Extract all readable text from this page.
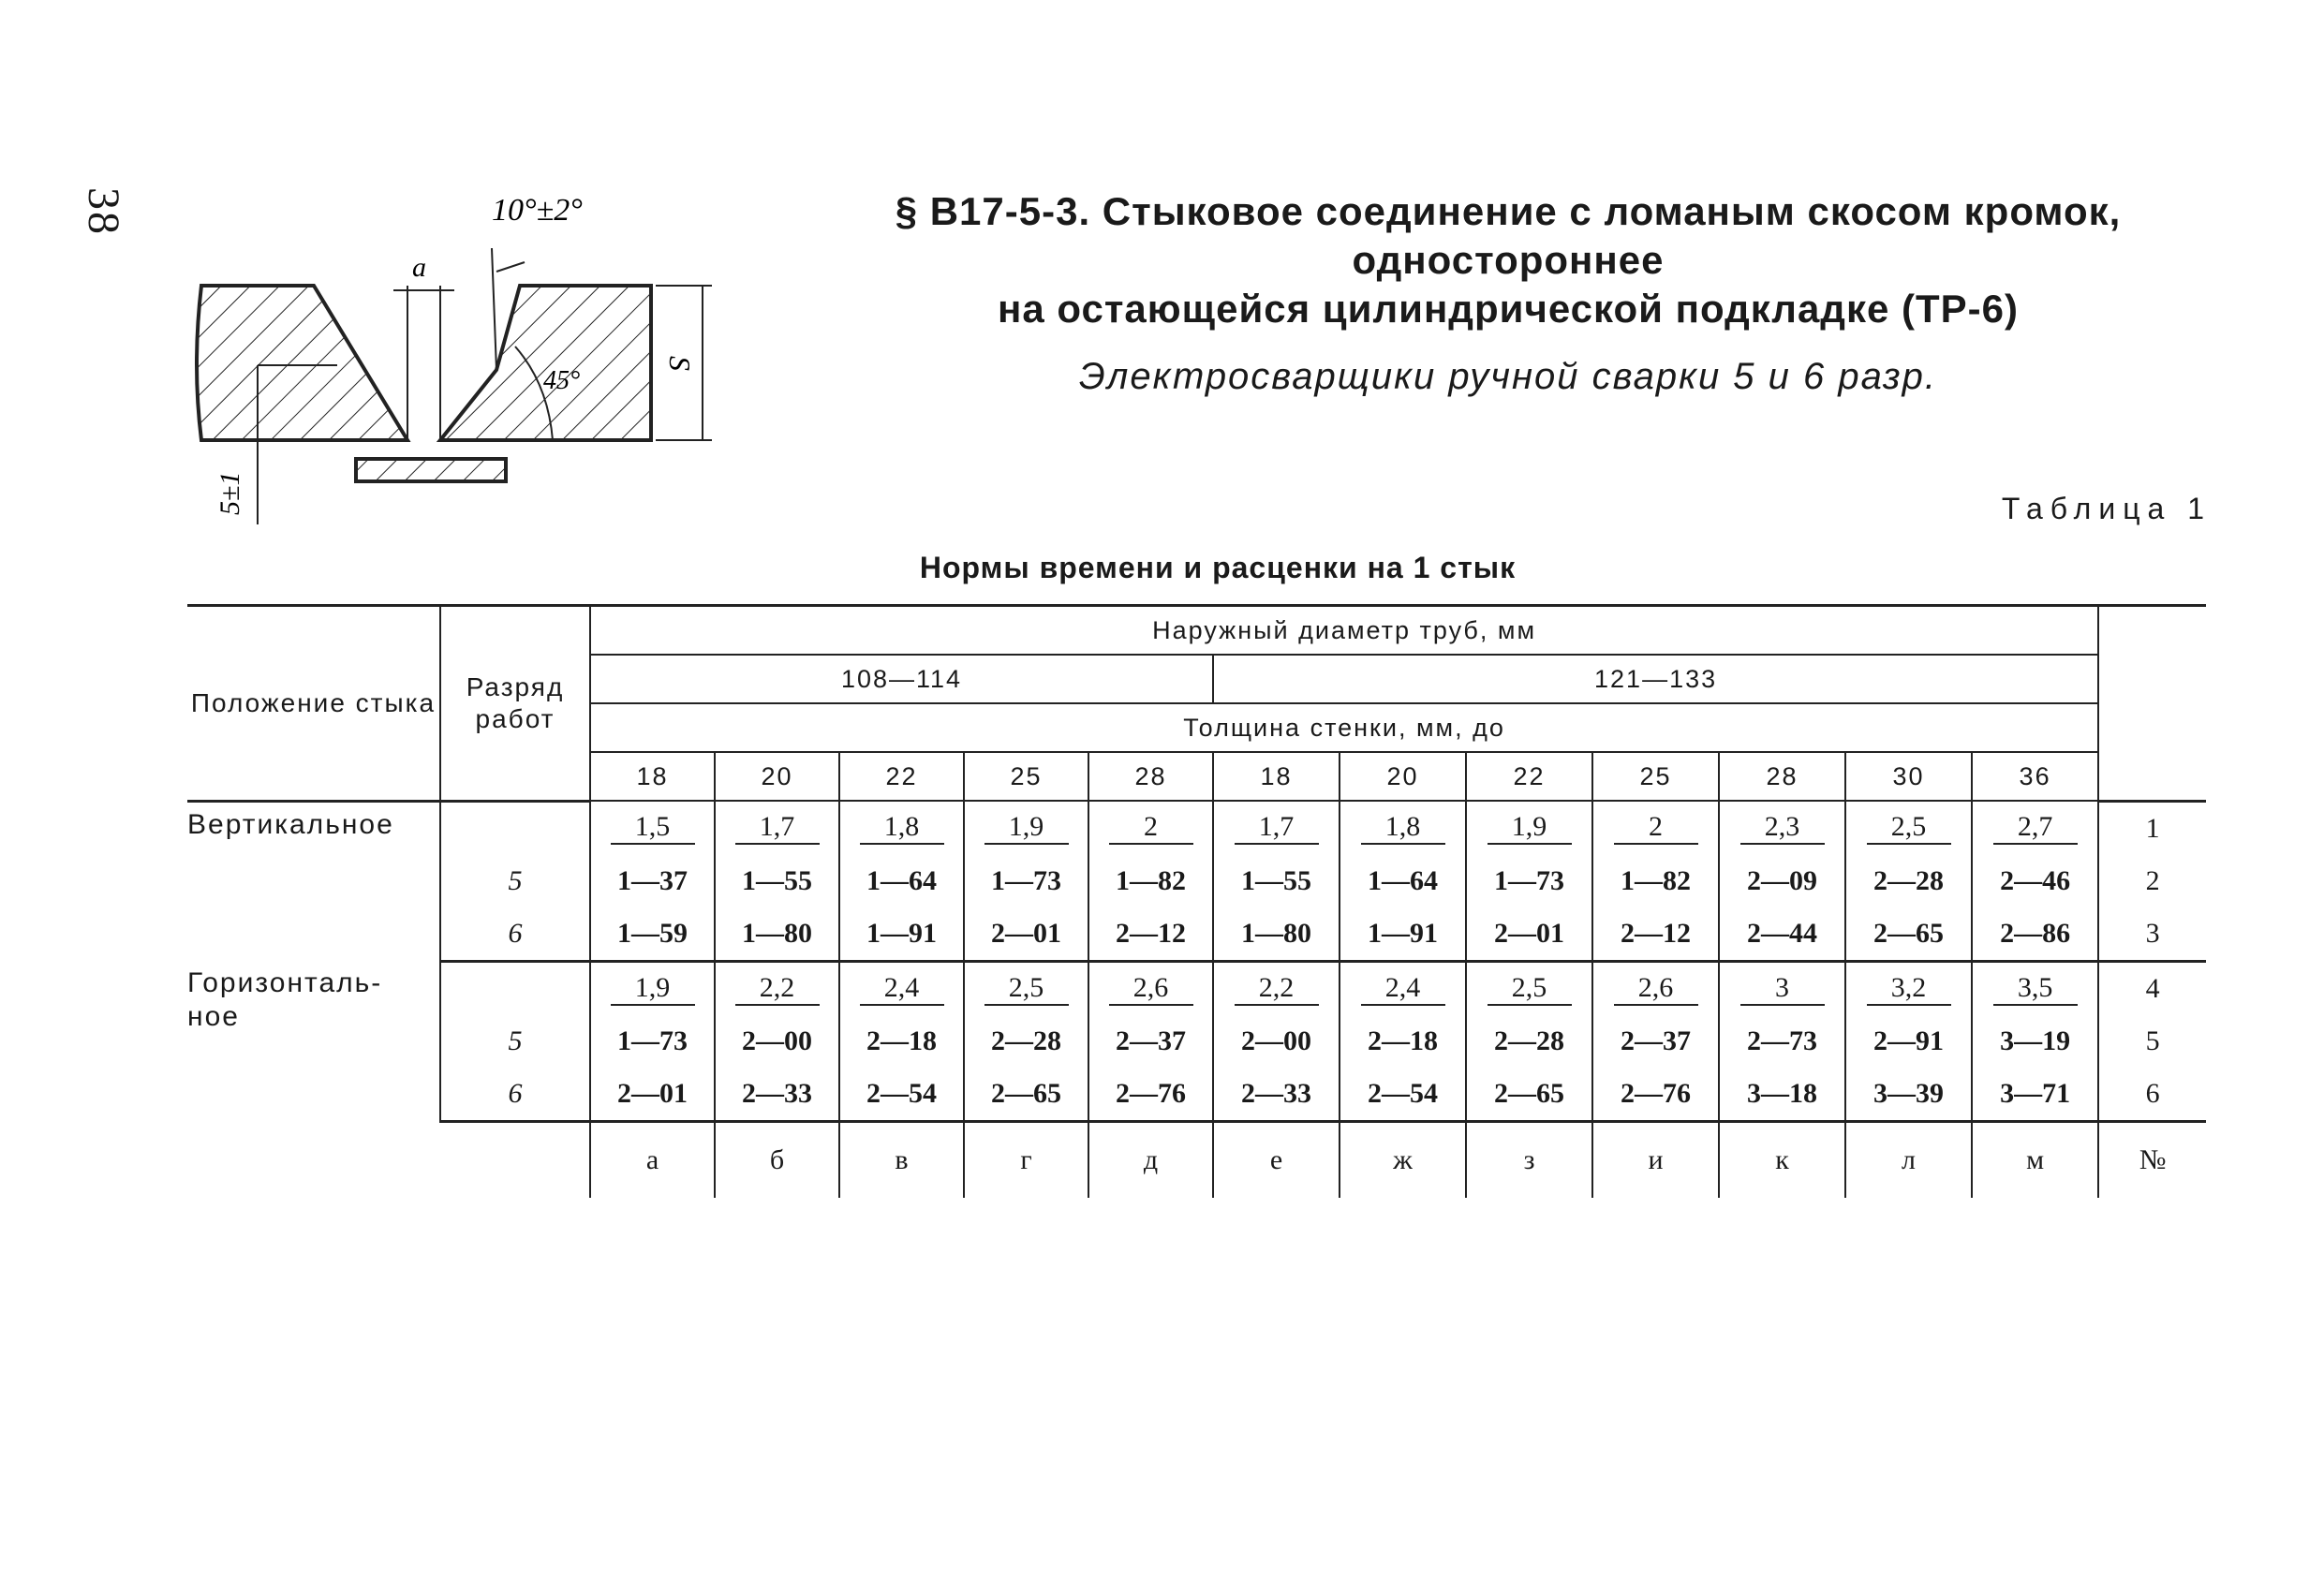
38	10°±2°
45°
a
S
5±1
§ В17-5-3. Стыковое соединение с ломаным скосом кромок, одностороннее
на остающейся цилиндрической подкладке (ТР-6)
Электросварщики ручной сварки 5 и 6 разр.
Таблица 1
Нормы времени и расценки на 1 стык
Положение стыка	Разряд работ	Наружный диаметр труб, мм												
		108—114					121—133							
		Толщина стенки, мм, до												
		18	20	22	25	28	18	20	22	25	28	30	36	
Вертикальное		1,5	1,7	1,8	1,9	2	1,7	1,8	1,9	2	2,3	2,5	2,7	1
	5	1—37	1—55	1—64	1—73	1—82	1—55	1—64	1—73	1—82	2—09	2—28	2—46	2
	6	1—59	1—80	1—91	2—01	2—12	1—80	1—91	2—01	2—12	2—44	2—65	2—86	3
Горизонталь-
ное		1,9	2,2	2,4	2,5	2,6	2,2	2,4	2,5	2,6	3	3,2	3,5	4
	5	1—73	2—00	2—18	2—28	2—37	2—00	2—18	2—28	2—37	2—73	2—91	3—19	5
	6	2—01	2—33	2—54	2—65	2—76	2—33	2—54	2—65	2—76	3—18	3—39	3—71	6
		а	б	в	г	д	е	ж	з	и	к	л	м	№
